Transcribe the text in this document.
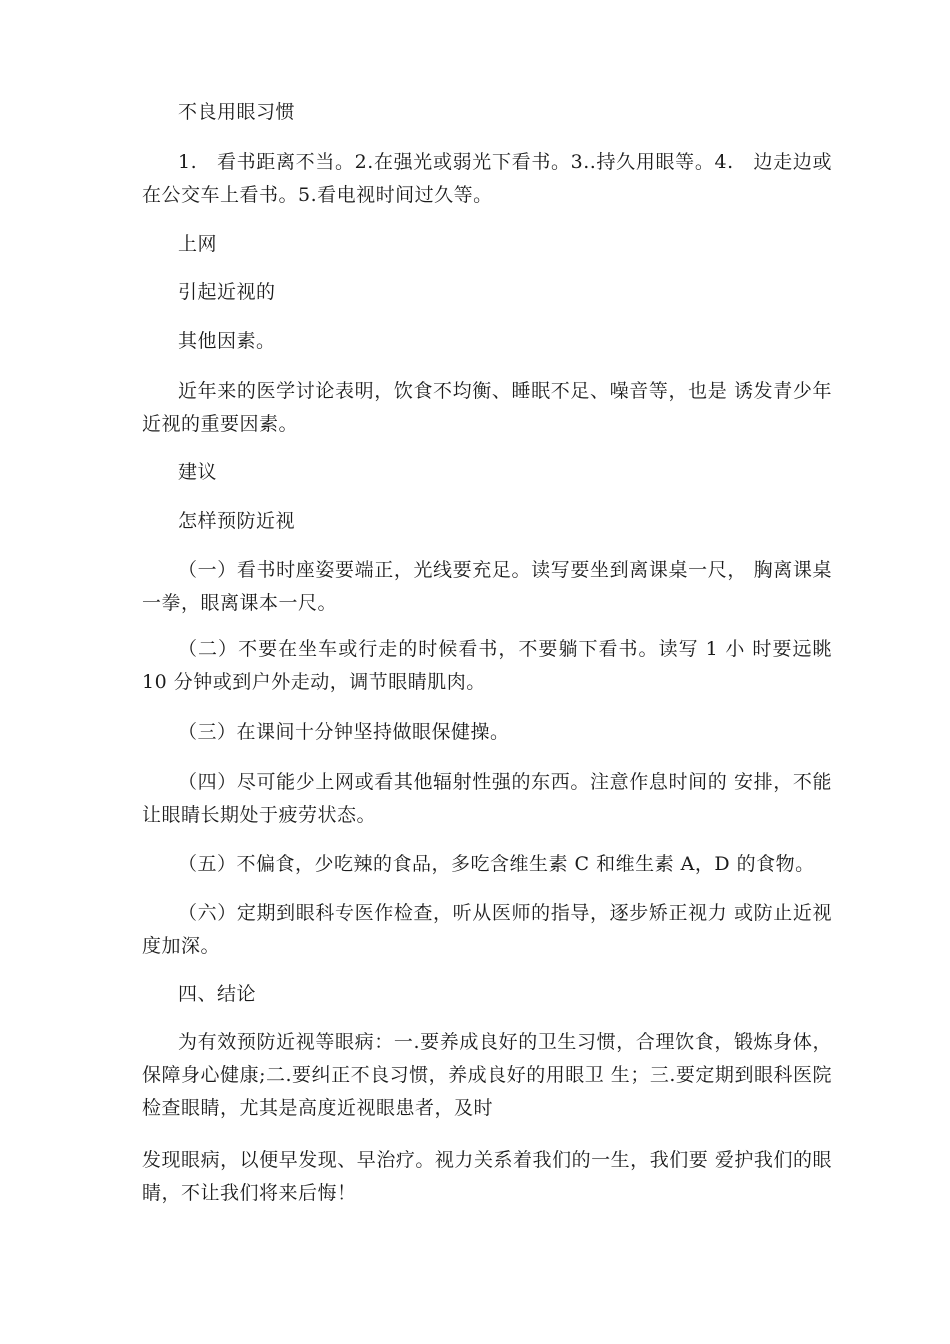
不良用眼习惯

1.　看书距离不当。2.在强光或弱光下看书。3..持久用眼等。4.　边走边或在公交车上看书。5.看电视时间过久等。

上网

引起近视的

其他因素。

近年来的医学讨论表明，饮食不均衡、睡眠不足、噪音等，也是 诱发青少年近视的重要因素。

建议

怎样预防近视

（一）看书时座姿要端正，光线要充足。读写要坐到离课桌一尺， 胸离课桌一拳，眼离课本一尺。

（二）不要在坐车或行走的时候看书，不要躺下看书。读写 1 小 时要远眺 10 分钟或到户外走动，调节眼睛肌肉。

（三）在课间十分钟坚持做眼保健操。

（四）尽可能少上网或看其他辐射性强的东西。注意作息时间的 安排，不能让眼睛长期处于疲劳状态。

（五）不偏食，少吃辣的食品，多吃含维生素 C 和维生素 A，D 的食物。

（六）定期到眼科专医作检查，听从医师的指导，逐步矫正视力 或防止近视度加深。

四、结论

为有效预防近视等眼病：一.要养成良好的卫生习惯，合理饮食，锻炼身体，保障身心健康;二.要纠正不良习惯，养成良好的用眼卫 生；三.要定期到眼科医院检查眼睛，尤其是高度近视眼患者，及时

发现眼病，以便早发现、早治疗。视力关系着我们的一生，我们要 爱护我们的眼睛，不让我们将来后悔！
